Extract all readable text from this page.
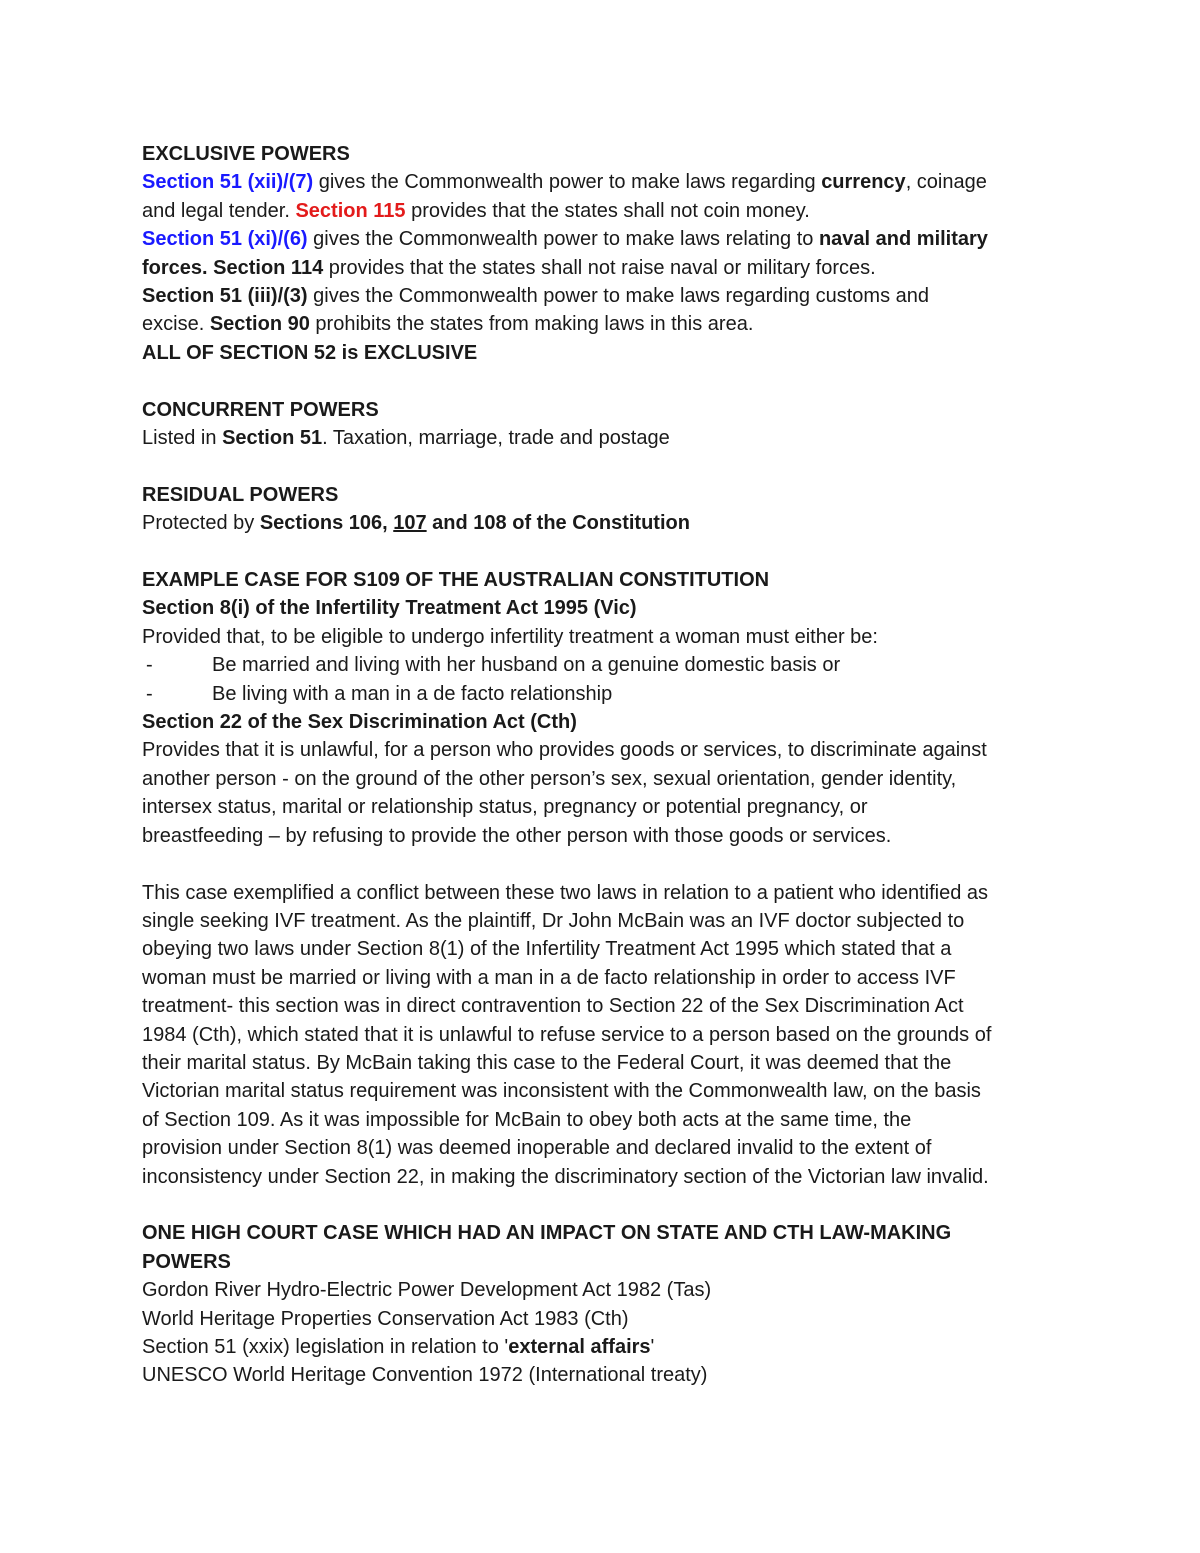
EXCLUSIVE POWERS
Section 51 (xii)/(7) gives the Commonwealth power to make laws regarding currency, coinage
and legal tender. Section 115 provides that the states shall not coin money.
Section 51 (xi)/(6) gives the Commonwealth power to make laws relating to naval and military
forces. Section 114 provides that the states shall not raise naval or military forces.
Section 51 (iii)/(3) gives the Commonwealth power to make laws regarding customs and
excise. Section 90 prohibits the states from making laws in this area.
ALL OF SECTION 52 is EXCLUSIVE
CONCURRENT POWERS
Listed in Section 51. Taxation, marriage, trade and postage
RESIDUAL POWERS
Protected by Sections 106, 107 and 108 of the Constitution
EXAMPLE CASE FOR S109 OF THE AUSTRALIAN CONSTITUTION
Section 8(i) of the Infertility Treatment Act 1995 (Vic)
Provided that, to be eligible to undergo infertility treatment a woman must either be:
-	Be married and living with her husband on a genuine domestic basis or
-	Be living with a man in a de facto relationship
Section 22 of the Sex Discrimination Act (Cth)
Provides that it is unlawful, for a person who provides goods or services, to discriminate against
another person - on the ground of the other person’s sex, sexual orientation, gender identity,
intersex status, marital or relationship status, pregnancy or potential pregnancy, or
breastfeeding – by refusing to provide the other person with those goods or services.
This case exemplified a conflict between these two laws in relation to a patient who identified as
single seeking IVF treatment. As the plaintiff, Dr John McBain was an IVF doctor subjected to
obeying two laws under Section 8(1) of the Infertility Treatment Act 1995 which stated that a
woman must be married or living with a man in a de facto relationship in order to access IVF
treatment- this section was in direct contravention to Section 22 of the Sex Discrimination Act
1984 (Cth), which stated that it is unlawful to refuse service to a person based on the grounds of
their marital status. By McBain taking this case to the Federal Court, it was deemed that the
Victorian marital status requirement was inconsistent with the Commonwealth law, on the basis
of Section 109. As it was impossible for McBain to obey both acts at the same time, the
provision under Section 8(1) was deemed inoperable and declared invalid to the extent of
inconsistency under Section 22, in making the discriminatory section of the Victorian law invalid.
ONE HIGH COURT CASE WHICH HAD AN IMPACT ON STATE AND CTH LAW-MAKING
POWERS
Gordon River Hydro-Electric Power Development Act 1982 (Tas)
World Heritage Properties Conservation Act 1983 (Cth)
Section 51 (xxix) legislation in relation to 'external affairs'
UNESCO World Heritage Convention 1972 (International treaty)
